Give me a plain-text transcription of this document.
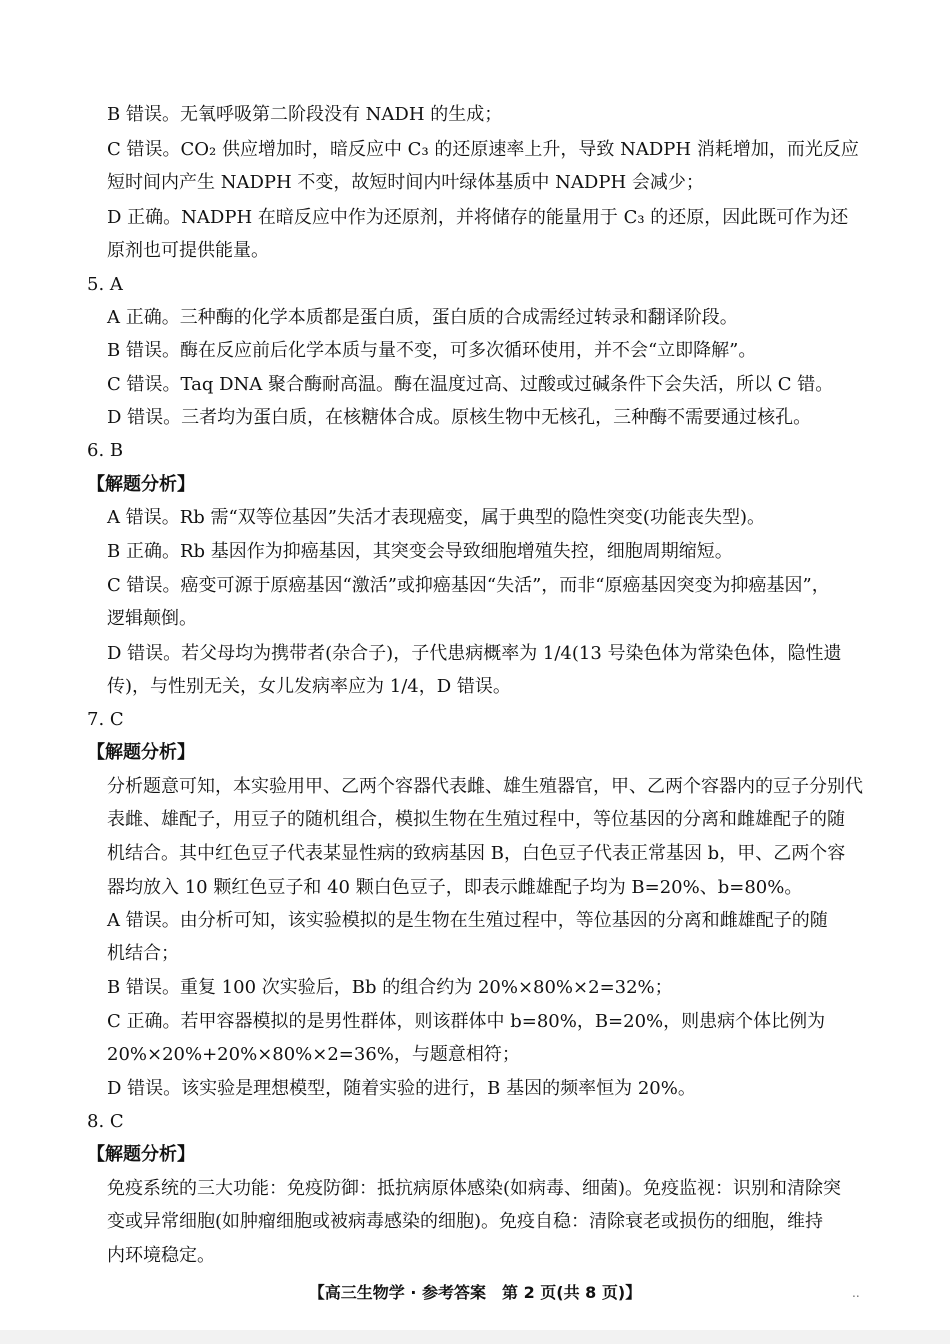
B 错误。无氧呼吸第二阶段没有 NADH 的生成；
C 错误。CO₂ 供应增加时，暗反应中 C₃ 的还原速率上升，导致 NADPH 消耗增加，而光反应
短时间内产生 NADPH 不变，故短时间内叶绿体基质中 NADPH 会减少；
D 正确。NADPH 在暗反应中作为还原剂，并将储存的能量用于 C₃ 的还原，因此既可作为还
原剂也可提供能量。
5. A
A 正确。三种酶的化学本质都是蛋白质，蛋白质的合成需经过转录和翻译阶段。
B 错误。酶在反应前后化学本质与量不变，可多次循环使用，并不会“立即降解”。
C 错误。Taq DNA 聚合酶耐高温。酶在温度过高、过酸或过碱条件下会失活，所以 C 错。
D 错误。三者均为蛋白质，在核糖体合成。原核生物中无核孔，三种酶不需要通过核孔。
6. B
【解题分析】
A 错误。Rb 需“双等位基因”失活才表现癌变，属于典型的隐性突变(功能丧失型)。
B 正确。Rb 基因作为抑癌基因，其突变会导致细胞增殖失控，细胞周期缩短。
C 错误。癌变可源于原癌基因“激活”或抑癌基因“失活”，而非“原癌基因突变为抑癌基因”，
逻辑颠倒。
D 错误。若父母均为携带者(杂合子)，子代患病概率为 1/4(13 号染色体为常染色体，隐性遗
传)，与性别无关，女儿发病率应为 1/4，D 错误。
7. C
【解题分析】
分析题意可知，本实验用甲、乙两个容器代表雌、雄生殖器官，甲、乙两个容器内的豆子分别代
表雌、雄配子，用豆子的随机组合，模拟生物在生殖过程中，等位基因的分离和雌雄配子的随
机结合。其中红色豆子代表某显性病的致病基因 B，白色豆子代表正常基因 b，甲、乙两个容
器均放入 10 颗红色豆子和 40 颗白色豆子，即表示雌雄配子均为 B=20%、b=80%。
A 错误。由分析可知，该实验模拟的是生物在生殖过程中，等位基因的分离和雌雄配子的随
机结合；
B 错误。重复 100 次实验后，Bb 的组合约为 20%×80%×2=32%；
C 正确。若甲容器模拟的是男性群体，则该群体中 b=80%，B=20%，则患病个体比例为
20%×20%+20%×80%×2=36%，与题意相符；
D 错误。该实验是理想模型，随着实验的进行，B 基因的频率恒为 20%。
8. C
【解题分析】
免疫系统的三大功能：免疫防御：抵抗病原体感染(如病毒、细菌)。免疫监视：识别和清除突
变或异常细胞(如肿瘤细胞或被病毒感染的细胞)。免疫自稳：清除衰老或损伤的细胞，维持
内环境稳定。
【高三生物学 · 参考答案　第 2 页(共 8 页)】	..
